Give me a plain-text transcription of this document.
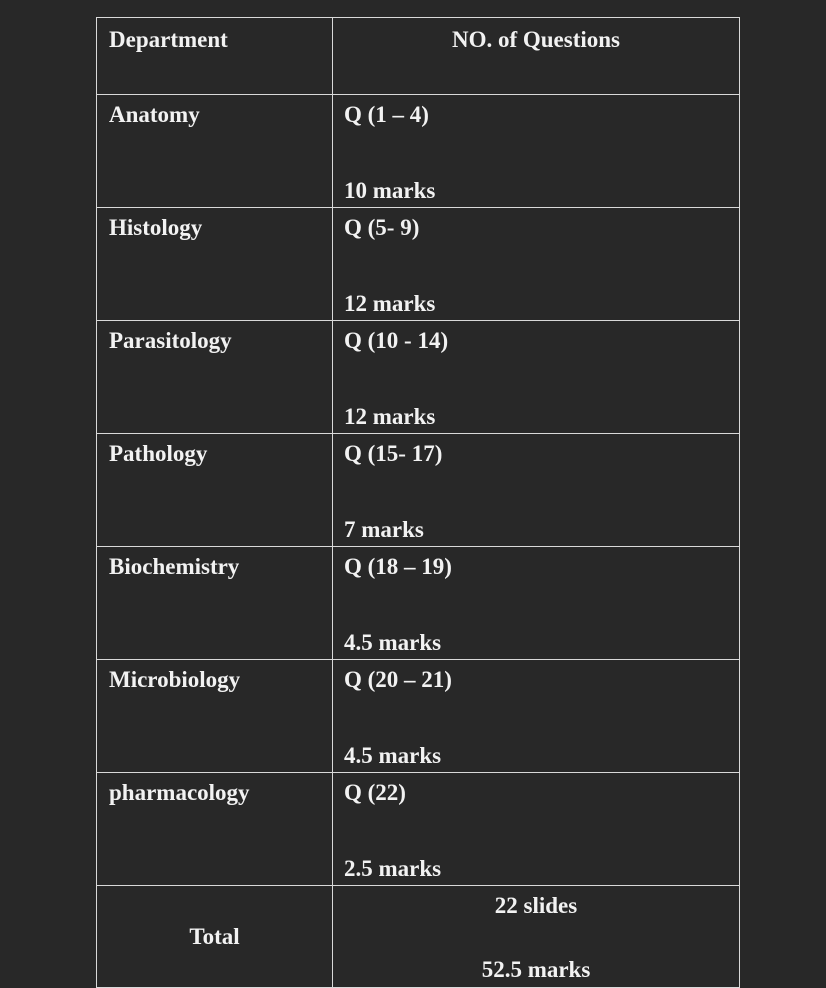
Department	NO. of Questions
Anatomy	Q (1 – 4)
10 marks

Histology	Q (5- 9)
12 marks

Parasitology	Q (10 - 14)
12 marks

Pathology	Q (15- 17)
7 marks

Biochemistry	Q (18 – 19)
4.5 marks

Microbiology	Q (20 – 21)
4.5 marks

pharmacology	Q (22)
2.5 marks

Total	22 slides
52.5 marks
